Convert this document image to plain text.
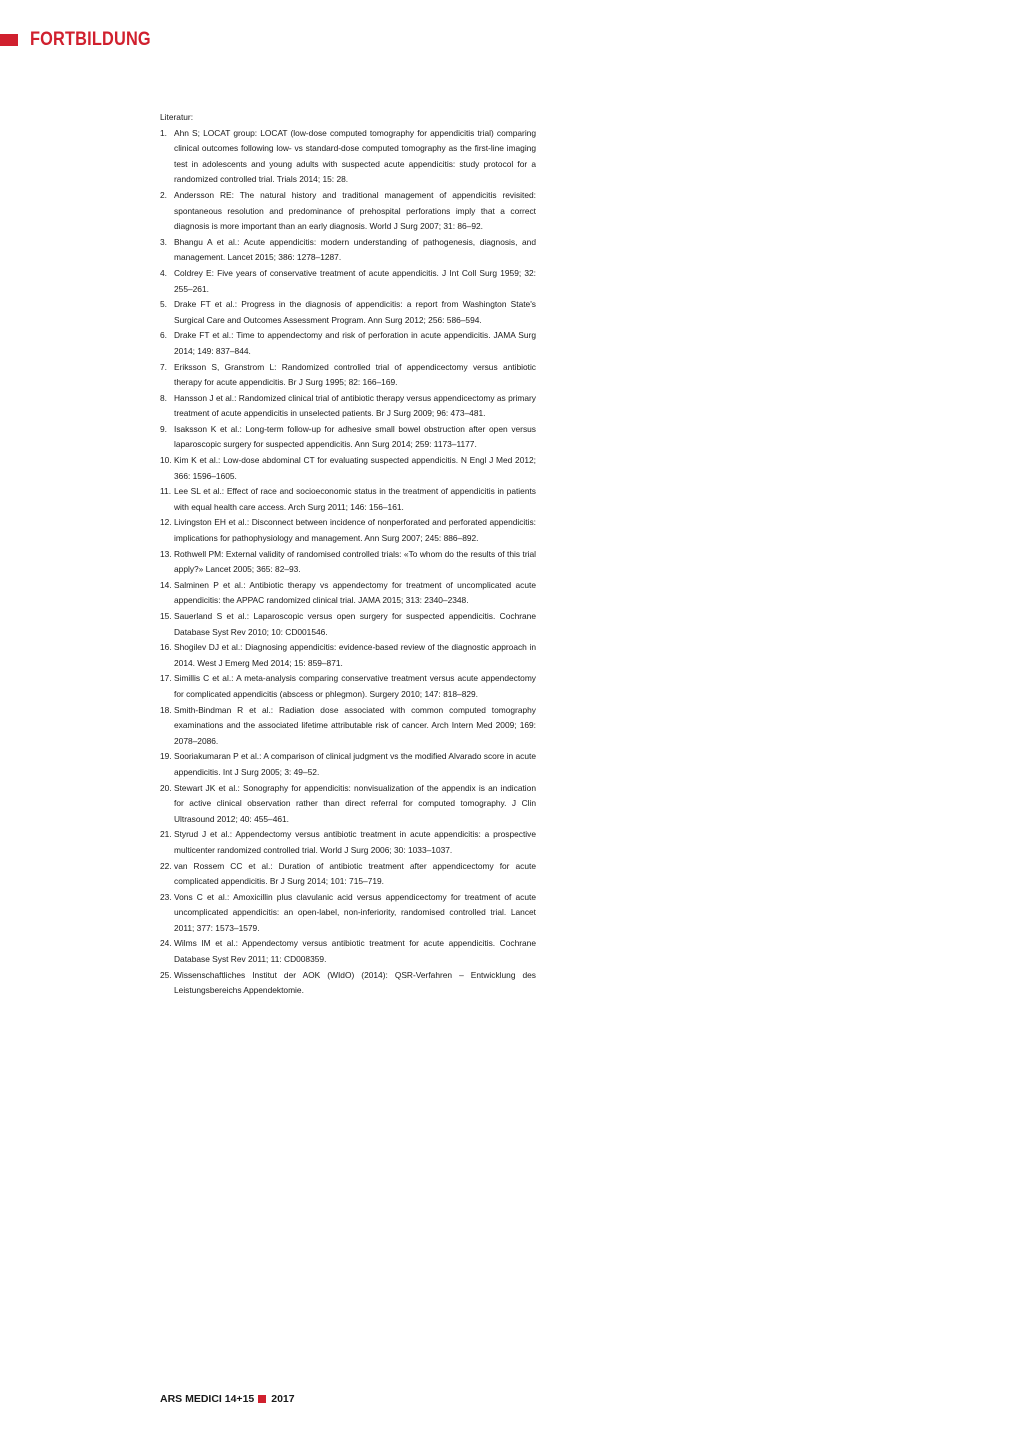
FORTBILDUNG

Literatur:

1. Ahn S; LOCAT group: LOCAT (low-dose computed tomography for appendicitis trial) comparing clinical outcomes following low- vs standard-dose computed tomography as the first-line imaging test in adolescents and young adults with suspected acute appendicitis: study protocol for a randomized controlled trial. Trials 2014; 15: 28.
2. Andersson RE: The natural history and traditional management of appendicitis revisited: spontaneous resolution and predominance of prehospital perforations imply that a correct diagnosis is more important than an early diagnosis. World J Surg 2007; 31: 86–92.
3. Bhangu A et al.: Acute appendicitis: modern understanding of pathogenesis, diagnosis, and management. Lancet 2015; 386: 1278–1287.
4. Coldrey E: Five years of conservative treatment of acute appendicitis. J Int Coll Surg 1959; 32: 255–261.
5. Drake FT et al.: Progress in the diagnosis of appendicitis: a report from Washington State's Surgical Care and Outcomes Assessment Program. Ann Surg 2012; 256: 586–594.
6. Drake FT et al.: Time to appendectomy and risk of perforation in acute appendicitis. JAMA Surg 2014; 149: 837–844.
7. Eriksson S, Granstrom L: Randomized controlled trial of appendicectomy versus antibiotic therapy for acute appendicitis. Br J Surg 1995; 82: 166–169.
8. Hansson J et al.: Randomized clinical trial of antibiotic therapy versus appendicectomy as primary treatment of acute appendicitis in unselected patients. Br J Surg 2009; 96: 473–481.
9. Isaksson K et al.: Long-term follow-up for adhesive small bowel obstruction after open versus laparoscopic surgery for suspected appendicitis. Ann Surg 2014; 259: 1173–1177.
10. Kim K et al.: Low-dose abdominal CT for evaluating suspected appendicitis. N Engl J Med 2012; 366: 1596–1605.
11. Lee SL et al.: Effect of race and socioeconomic status in the treatment of appendicitis in patients with equal health care access. Arch Surg 2011; 146: 156–161.
12. Livingston EH et al.: Disconnect between incidence of nonperforated and perforated appendicitis: implications for pathophysiology and management. Ann Surg 2007; 245: 886–892.
13. Rothwell PM: External validity of randomised controlled trials: «To whom do the results of this trial apply?» Lancet 2005; 365: 82–93.
14. Salminen P et al.: Antibiotic therapy vs appendectomy for treatment of uncomplicated acute appendicitis: the APPAC randomized clinical trial. JAMA 2015; 313: 2340–2348.
15. Sauerland S et al.: Laparoscopic versus open surgery for suspected appendicitis. Cochrane Database Syst Rev 2010; 10: CD001546.
16. Shogilev DJ et al.: Diagnosing appendicitis: evidence-based review of the diagnostic approach in 2014. West J Emerg Med 2014; 15: 859–871.
17. Simillis C et al.: A meta-analysis comparing conservative treatment versus acute appendectomy for complicated appendicitis (abscess or phlegmon). Surgery 2010; 147: 818–829.
18. Smith-Bindman R et al.: Radiation dose associated with common computed tomography examinations and the associated lifetime attributable risk of cancer. Arch Intern Med 2009; 169: 2078–2086.
19. Sooriakumaran P et al.: A comparison of clinical judgment vs the modified Alvarado score in acute appendicitis. Int J Surg 2005; 3: 49–52.
20. Stewart JK et al.: Sonography for appendicitis: nonvisualization of the appendix is an indication for active clinical observation rather than direct referral for computed tomography. J Clin Ultrasound 2012; 40: 455–461.
21. Styrud J et al.: Appendectomy versus antibiotic treatment in acute appendicitis: a prospective multicenter randomized controlled trial. World J Surg 2006; 30: 1033–1037.
22. van Rossem CC et al.: Duration of antibiotic treatment after appendicectomy for acute complicated appendicitis. Br J Surg 2014; 101: 715–719.
23. Vons C et al.: Amoxicillin plus clavulanic acid versus appendicectomy for treatment of acute uncomplicated appendicitis: an open-label, non-inferiority, randomised controlled trial. Lancet 2011; 377: 1573–1579.
24. Wilms IM et al.: Appendectomy versus antibiotic treatment for acute appendicitis. Cochrane Database Syst Rev 2011; 11: CD008359.
25. Wissenschaftliches Institut der AOK (WIdO) (2014): QSR-Verfahren – Entwicklung des Leistungsbereichs Appendektomie.
ARS MEDICI 14+15 2017
